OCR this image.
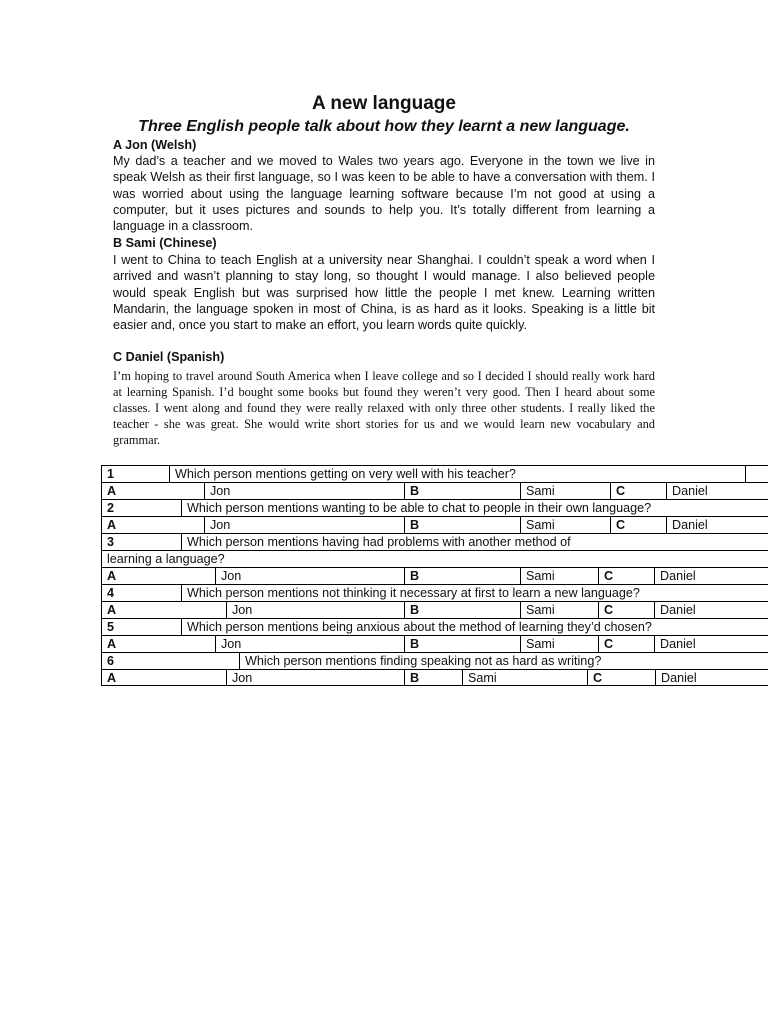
A new language
Three English people talk about how they learnt a new language.
A Jon (Welsh)
My dad’s a teacher and we moved to Wales two years ago. Everyone in the town we live in speak Welsh as their first language, so I was keen to be able to have a conversation with them. I was worried about using the language learning software because I’m not good at using a computer, but it uses pictures and sounds to help you. It’s totally different from learning a language in a classroom.
B Sami (Chinese)
I went to China to teach English at a university near Shanghai. I couldn’t speak a word when I arrived and wasn’t planning to stay long, so thought I would manage. I also believed people would speak English but was surprised how little the people I met knew. Learning written Mandarin, the language spoken in most of China, is as hard as it looks. Speaking is a little bit easier and, once you start to make an effort, you learn words quite quickly.
C Daniel (Spanish)
I’m hoping to travel around South America when I leave college and so I decided I should really work hard at learning Spanish. I’d bought some books but found they weren’t very good. Then I heard about some classes. I went along and found they were really relaxed with only three other students. I really liked the teacher - she was great. She would write short stories for us and we would learn new vocabulary and grammar.
1	Which person mentions getting on very well with his teacher?
A	Jon	B	Sami	C	Daniel
2	Which person mentions wanting to be able to chat to people in their own language?
A	Jon	B	Sami	C	Daniel
3	Which person mentions having had problems with another method of
learning a language?
A	Jon	B	Sami	C	Daniel
4	Which person mentions not thinking it necessary at first to learn a new language?
A	Jon	B	Sami	C	Daniel
5	Which person mentions being anxious about the method of learning they’d chosen?
A	Jon	B	Sami	C	Daniel
6	Which person mentions finding speaking not as hard as writing?
A	Jon	B	Sami	C	Daniel
